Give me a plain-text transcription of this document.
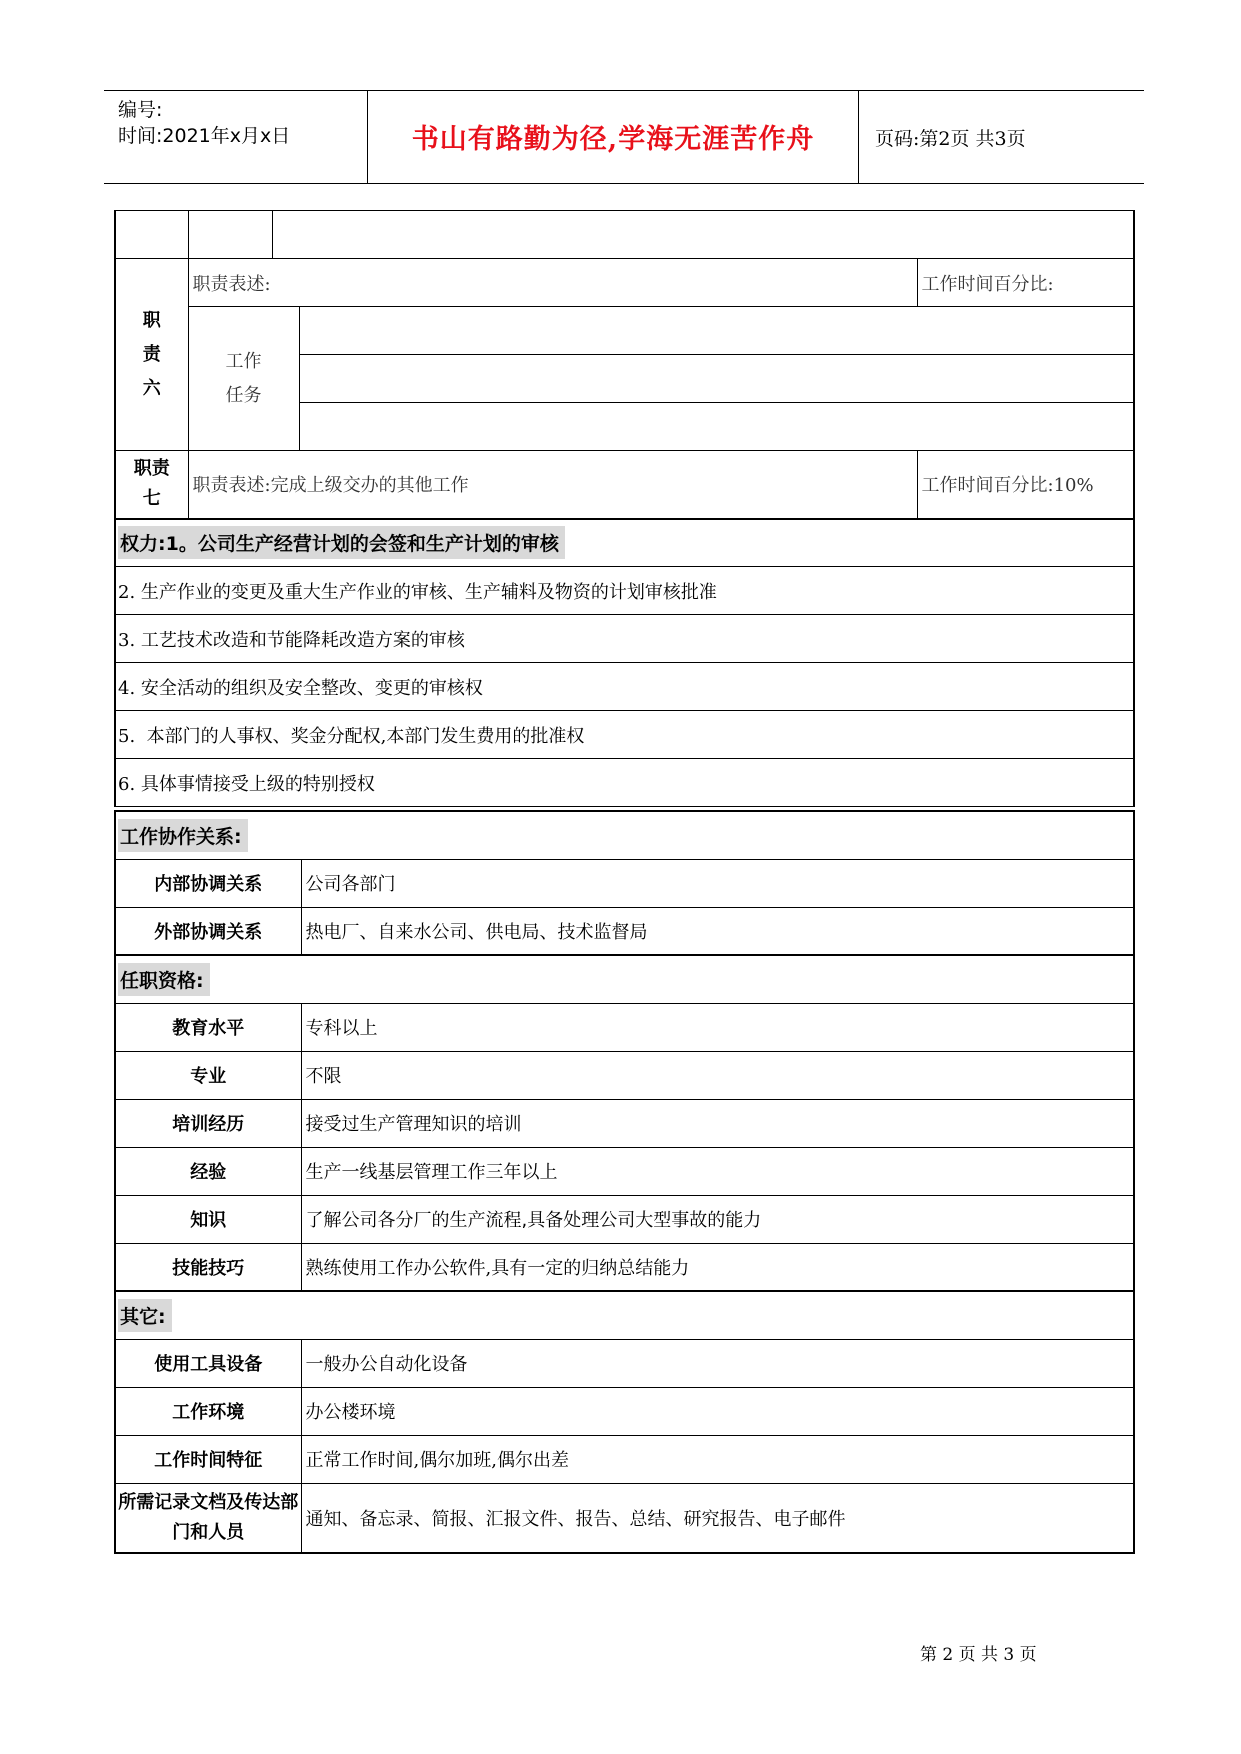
编号:
时间:2021年x月x日	书山有路勤为径,学海无涯苦作舟	页码:第2页 共3页

职责六	职责表述:			工作时间百分比:

	工作任务			

职责七	职责表述:完成上级交办的其他工作			工作时间百分比:10%
权力:1。公司生产经营计划的会签和生产计划的审核				
2. 生产作业的变更及重大生产作业的审核、生产辅料及物资的计划审核批准				
3. 工艺技术改造和节能降耗改造方案的审核				
4. 安全活动的组织及安全整改、变更的审核权				
5.  本部门的人事权、奖金分配权,本部门发生费用的批准权				
6. 具体事情接受上级的特别授权				
工作协作关系:	
内部协调关系	公司各部门
外部协调关系	热电厂、自来水公司、供电局、技术监督局
任职资格:	
教育水平	专科以上
专业	不限
培训经历	接受过生产管理知识的培训
经验	生产一线基层管理工作三年以上
知识	了解公司各分厂的生产流程,具备处理公司大型事故的能力
技能技巧	熟练使用工作办公软件,具有一定的归纳总结能力
其它:	
使用工具设备	一般办公自动化设备
工作环境	办公楼环境
工作时间特征	正常工作时间,偶尔加班,偶尔出差
所需记录文档及传达部门和人员	通知、备忘录、简报、汇报文件、报告、总结、研究报告、电子邮件
第 2 页 共 3 页
